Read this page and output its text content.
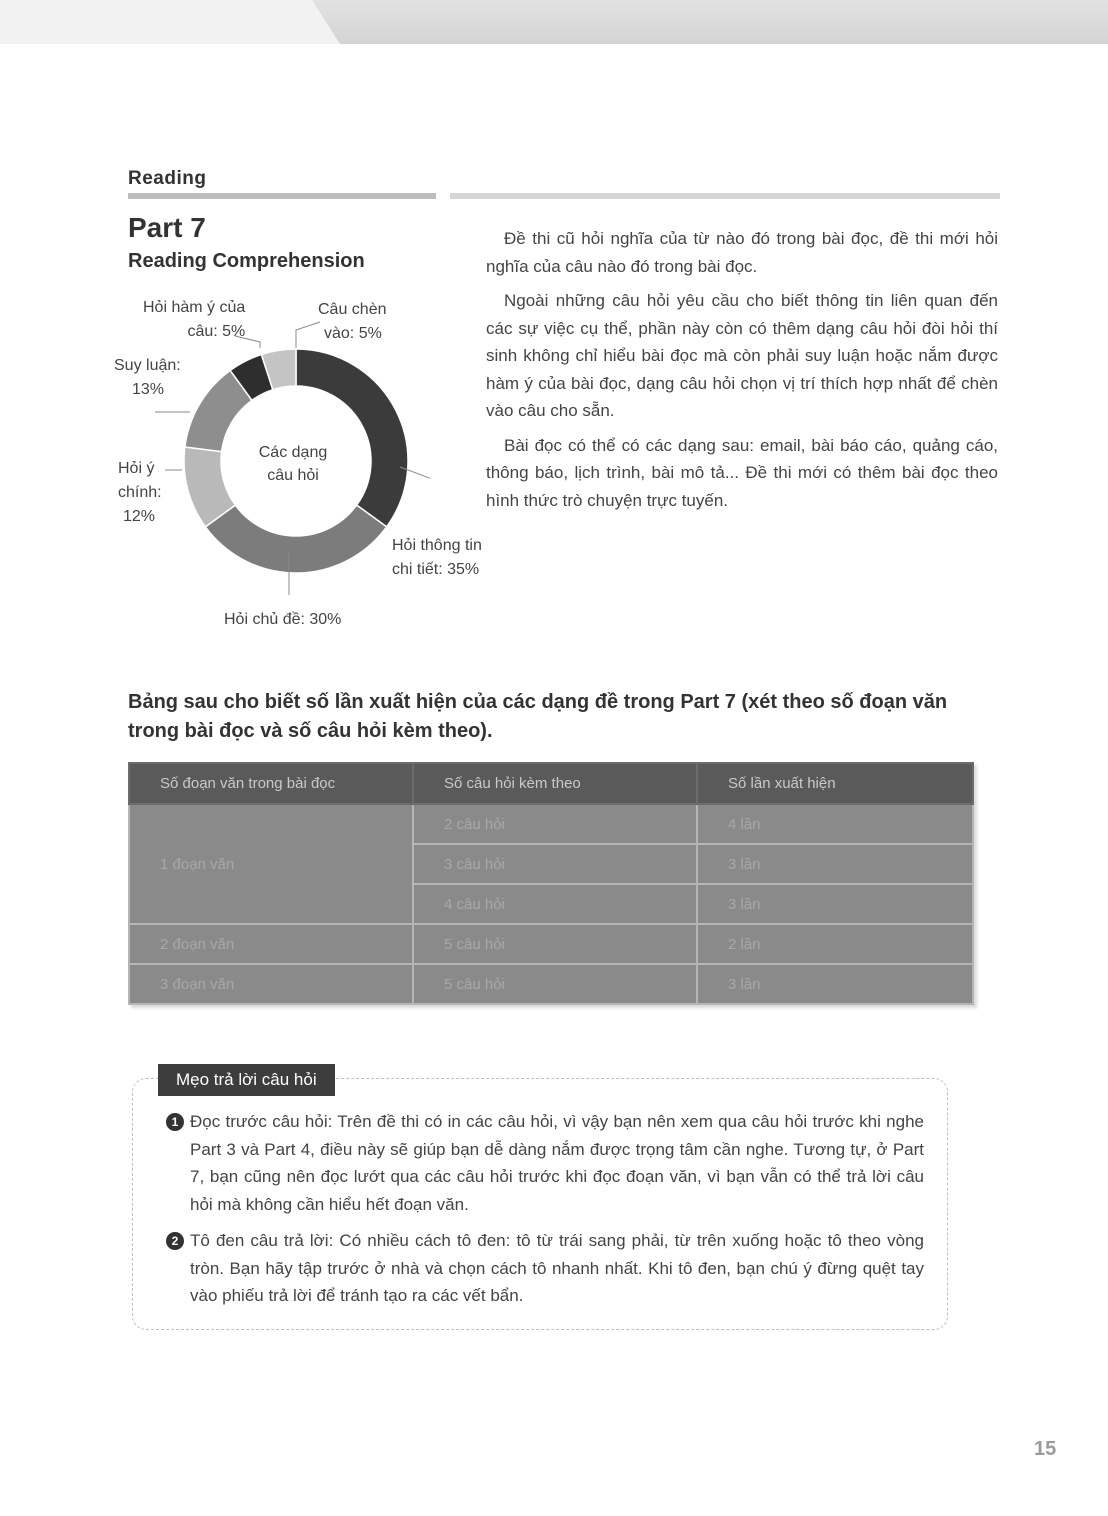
Reading
Part 7
Reading Comprehension
Các dạng
câu hỏi
Hỏi hàm ý của
câu: 5%
Câu chèn
vào: 5%
Suy luận:
13%
Hỏi ý
chính:
12%
Hỏi thông tin
chi tiết: 35%
Hỏi chủ đề: 30%

Đề thi cũ hỏi nghĩa của từ nào đó trong bài đọc, đề thi mới hỏi nghĩa của câu nào đó trong bài đọc.

Ngoài những câu hỏi yêu cầu cho biết thông tin liên quan đến các sự việc cụ thể, phần này còn có thêm dạng câu hỏi đòi hỏi thí sinh không chỉ hiểu bài đọc mà còn phải suy luận hoặc nắm được hàm ý của bài đọc, dạng câu hỏi chọn vị trí thích hợp nhất để chèn vào câu cho sẵn.

Bài đọc có thể có các dạng sau: email, bài báo cáo, quảng cáo, thông báo, lịch trình, bài mô tả... Đề thi mới có thêm bài đọc theo hình thức trò chuyện trực tuyến.

Bảng sau cho biết số lần xuất hiện của các dạng đề trong Part 7 (xét theo số đoạn văn trong bài đọc và số câu hỏi kèm theo).
Số đoạn văn trong bài đọc	Số câu hỏi kèm theo	Số lần xuất hiện
1 đoạn văn	2 câu hỏi	4 lần
	3 câu hỏi	3 lần
	4 câu hỏi	3 lần
2 đoạn văn	5 câu hỏi	2 lần
3 đoạn văn	5 câu hỏi	3 lần
Mẹo trả lời câu hỏi
1 Đọc trước câu hỏi: Trên đề thi có in các câu hỏi, vì vậy bạn nên xem qua câu hỏi trước khi nghe Part 3 và Part 4, điều này sẽ giúp bạn dễ dàng nắm được trọng tâm cần nghe. Tương tự, ở Part 7, bạn cũng nên đọc lướt qua các câu hỏi trước khi đọc đoạn văn, vì bạn vẫn có thể trả lời câu hỏi mà không cần hiểu hết đoạn văn.
2 Tô đen câu trả lời: Có nhiều cách tô đen: tô từ trái sang phải, từ trên xuống hoặc tô theo vòng tròn. Bạn hãy tập trước ở nhà và chọn cách tô nhanh nhất. Khi tô đen, bạn chú ý đừng quệt tay vào phiếu trả lời để tránh tạo ra các vết bẩn.
15
